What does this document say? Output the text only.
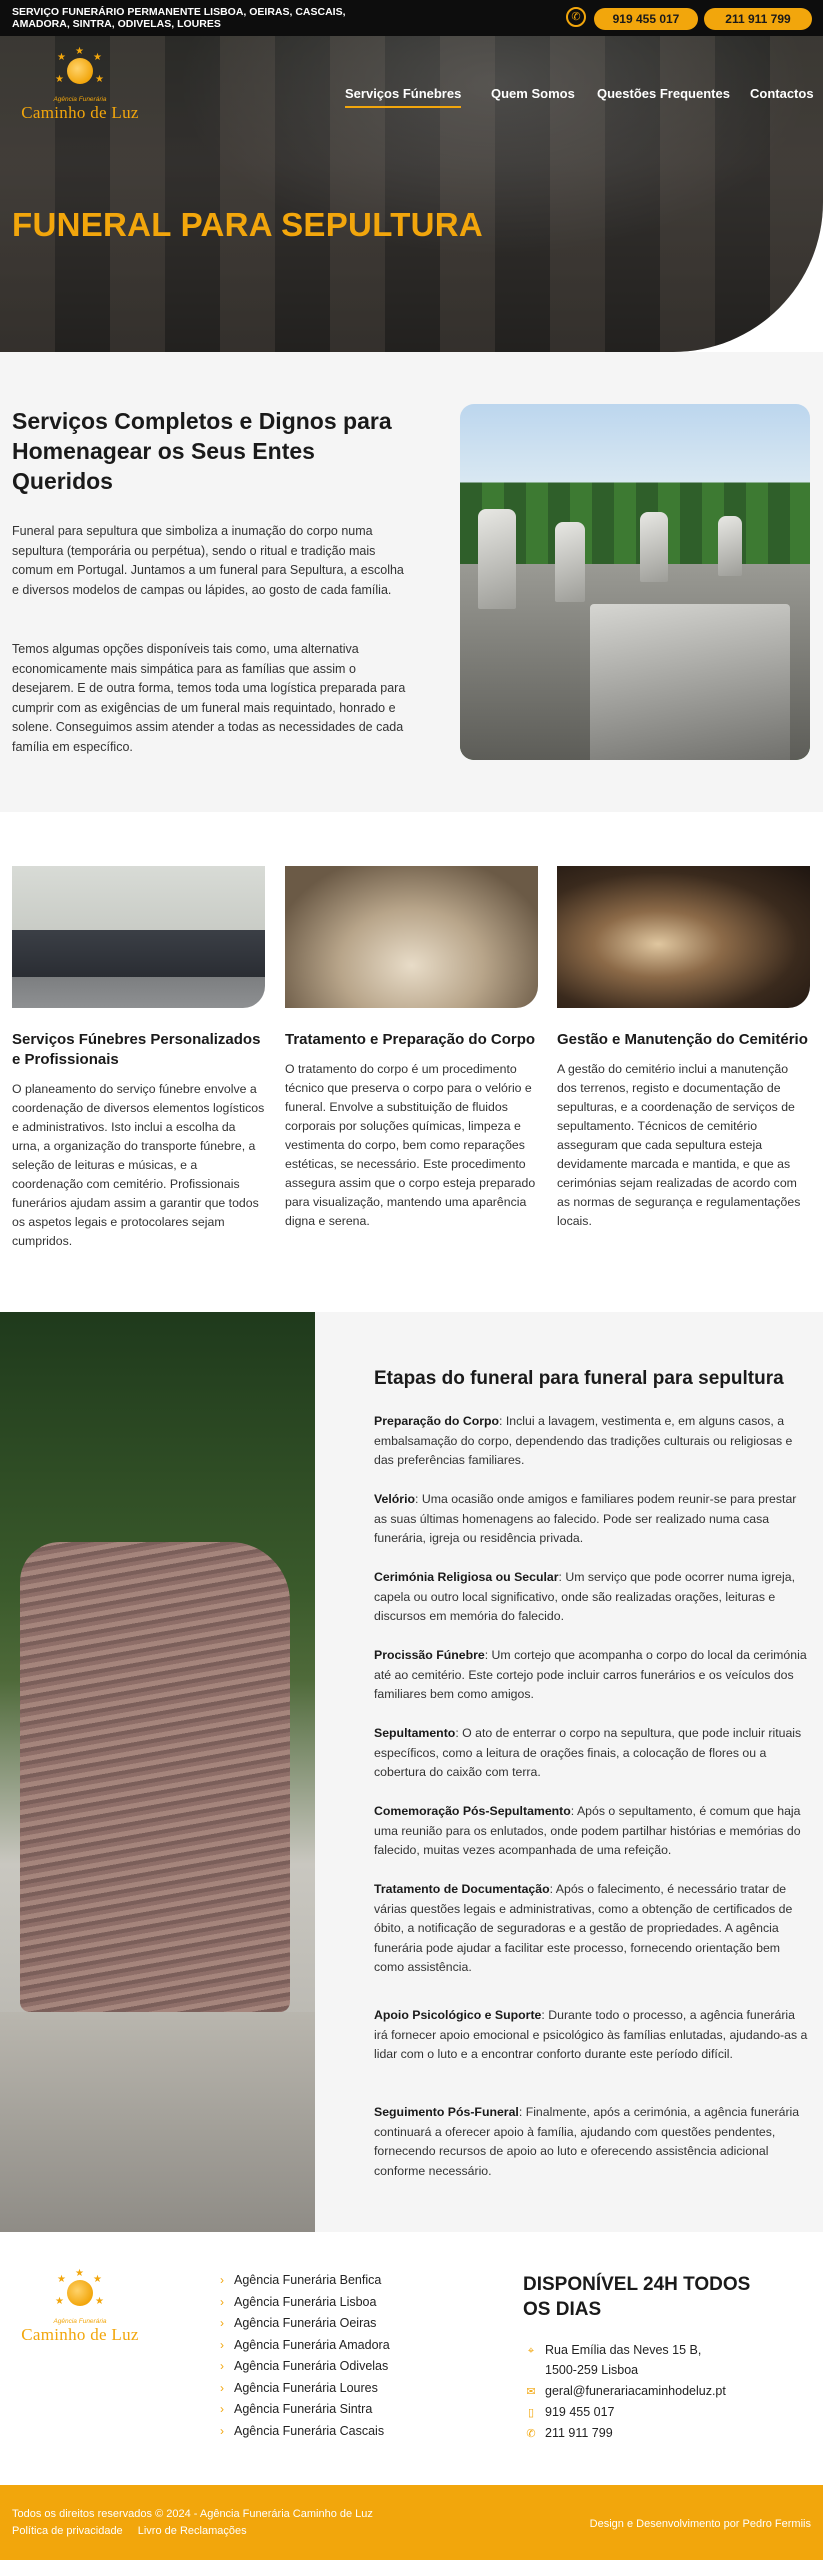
SERVIÇO FUNERÁRIO PERMANENTE LISBOA, OEIRAS, CASCAIS, AMADORA, SINTRA, ODIVELAS, LOURES
✆	919 455 017	211 911 799
★
★
★
★	★
Agência Funerária
Caminho de Luz
Serviços Fúnebres Quem Somos Questões Frequentes Contactos
FUNERAL PARA SEPULTURA
Serviços Completos e Dignos para Homenagear os Seus Entes Queridos

Funeral para sepultura que simboliza a inumação do corpo numa sepultura (temporária ou perpétua), sendo o ritual e tradição mais comum em Portugal. Juntamos a um funeral para Sepultura, a escolha e diversos modelos de campas ou lápides, ao gosto de cada família.

Temos algumas opções disponíveis tais como, uma alternativa economicamente mais simpática para as famílias que assim o desejarem. E de outra forma, temos toda uma logística preparada para cumprir com as exigências de um funeral mais requintado, honrado e solene. Conseguimos assim atender a todas as necessidades de cada família em específico.

Serviços Fúnebres Personalizados e Profissionais

O planeamento do serviço fúnebre envolve a coordenação de diversos elementos logísticos e administrativos. Isto inclui a escolha da urna, a organização do transporte fúnebre, a seleção de leituras e músicas, e a coordenação com cemitério. Profissionais funerários ajudam assim a garantir que todos os aspetos legais e protocolares sejam cumpridos.

Tratamento e Preparação do Corpo

O tratamento do corpo é um procedimento técnico que preserva o corpo para o velório e funeral. Envolve a substituição de fluidos corporais por soluções químicas, limpeza e vestimenta do corpo, bem como reparações estéticas, se necessário. Este procedimento assegura assim que o corpo esteja preparado para visualização, mantendo uma aparência digna e serena.

Gestão e Manutenção do Cemitério

A gestão do cemitério inclui a manutenção dos terrenos, registo e documentação de sepulturas, e a coordenação de serviços de sepultamento. Técnicos de cemitério asseguram que cada sepultura esteja devidamente marcada e mantida, e que as cerimónias sejam realizadas de acordo com as normas de segurança e regulamentações locais.

Etapas do funeral para funeral para sepultura
Preparação do Corpo: Inclui a lavagem, vestimenta e, em alguns casos, a embalsamação do corpo, dependendo das tradições culturais ou religiosas e das preferências familiares.
Velório: Uma ocasião onde amigos e familiares podem reunir-se para prestar as suas últimas homenagens ao falecido. Pode ser realizado numa casa funerária, igreja ou residência privada.
Cerimónia Religiosa ou Secular: Um serviço que pode ocorrer numa igreja, capela ou outro local significativo, onde são realizadas orações, leituras e discursos em memória do falecido.
Procissão Fúnebre: Um cortejo que acompanha o corpo do local da cerimónia até ao cemitério. Este cortejo pode incluir carros funerários e os veículos dos familiares bem como amigos.
Sepultamento: O ato de enterrar o corpo na sepultura, que pode incluir rituais específicos, como a leitura de orações finais, a colocação de flores ou a cobertura do caixão com terra.
Comemoração Pós-Sepultamento: Após o sepultamento, é comum que haja uma reunião para os enlutados, onde podem partilhar histórias e memórias do falecido, muitas vezes acompanhada de uma refeição.
Tratamento de Documentação: Após o falecimento, é necessário tratar de várias questões legais e administrativas, como a obtenção de certificados de óbito, a notificação de seguradoras e a gestão de propriedades. A agência funerária pode ajudar a facilitar este processo, fornecendo orientação bem como assistência.
Apoio Psicológico e Suporte: Durante todo o processo, a agência funerária irá fornecer apoio emocional e psicológico às famílias enlutadas, ajudando-as a lidar com o luto e a encontrar conforto durante este período difícil.
Seguimento Pós-Funeral: Finalmente, após a cerimónia, a agência funerária continuará a oferecer apoio à família, ajudando com questões pendentes, fornecendo recursos de apoio ao luto e oferecendo assistência adicional conforme necessário.
★
★
★
★	★
Agência Funerária
Caminho de Luz
› Agência Funerária Benfica
› Agência Funerária Lisboa
› Agência Funerária Oeiras
› Agência Funerária Amadora
› Agência Funerária Odivelas
› Agência Funerária Loures
› Agência Funerária Sintra
› Agência Funerária Cascais
DISPONÍVEL 24H TODOS OS DIAS
⌖ Rua Emília das Neves 15 B,
1500-259 Lisboa
✉ geral@funerariacaminhodeluz.pt
▯ 919 455 017
✆ 211 911 799
Todos os direitos reservados © 2024 - Agência Funerária Caminho de Luz
Política de privacidade Livro de Reclamações
Design e Desenvolvimento por Pedro Fermiis
